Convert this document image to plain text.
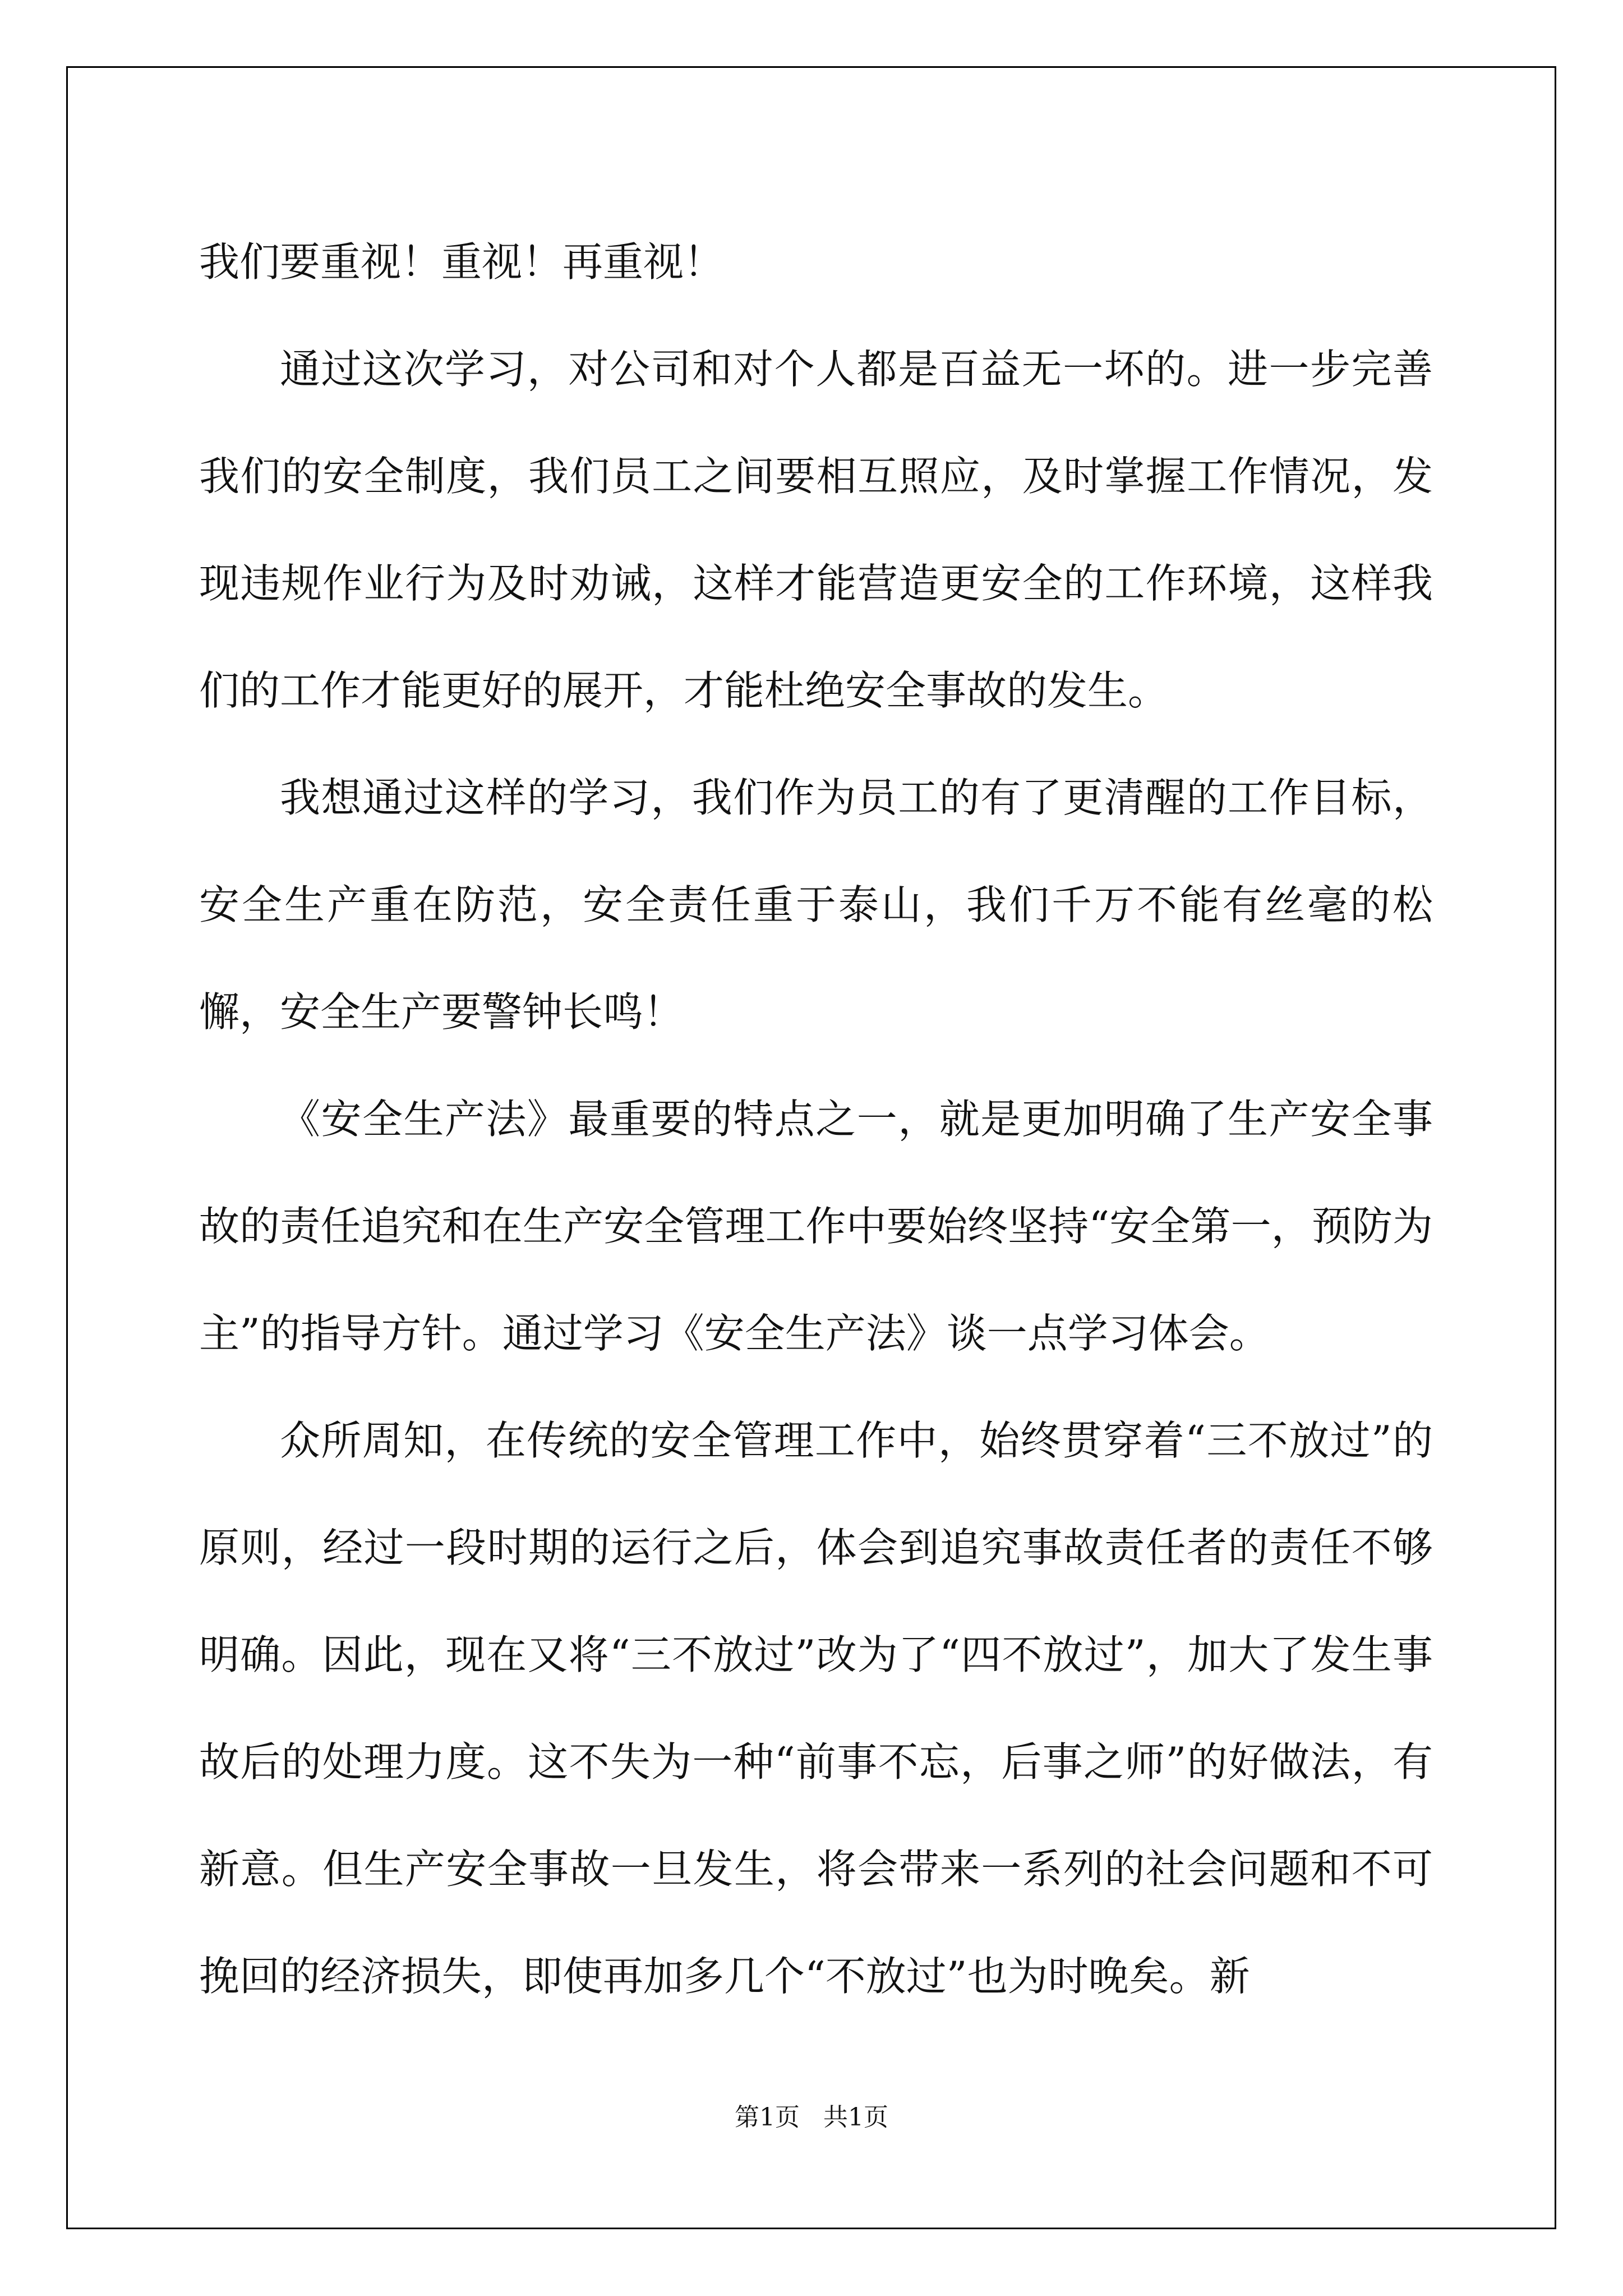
我们要重视！重视！再重视！

通过这次学习，对公司和对个人都是百益无一坏的。进一步完善我们的安全制度，我们员工之间要相互照应，及时掌握工作情况，发现违规作业行为及时劝诫，这样才能营造更安全的工作环境，这样我们的工作才能更好的展开，才能杜绝安全事故的发生。

我想通过这样的学习，我们作为员工的有了更清醒的工作目标，安全生产重在防范，安全责任重于泰山，我们千万不能有丝毫的松懈，安全生产要警钟长鸣！

《安全生产法》最重要的特点之一，就是更加明确了生产安全事故的责任追究和在生产安全管理工作中要始终坚持“安全第一，预防为主”的指导方针。通过学习《安全生产法》谈一点学习体会。

众所周知，在传统的安全管理工作中，始终贯穿着“三不放过”的原则，经过一段时期的运行之后，体会到追究事故责任者的责任不够明确。因此，现在又将“三不放过”改为了“四不放过”，加大了发生事故后的处理力度。这不失为一种“前事不忘，后事之师”的好做法，有新意。但生产安全事故一旦发生，将会带来一系列的社会问题和不可挽回的经济损失，即使再加多几个“不放过”也为时晚矣。新

第1页   共1页
